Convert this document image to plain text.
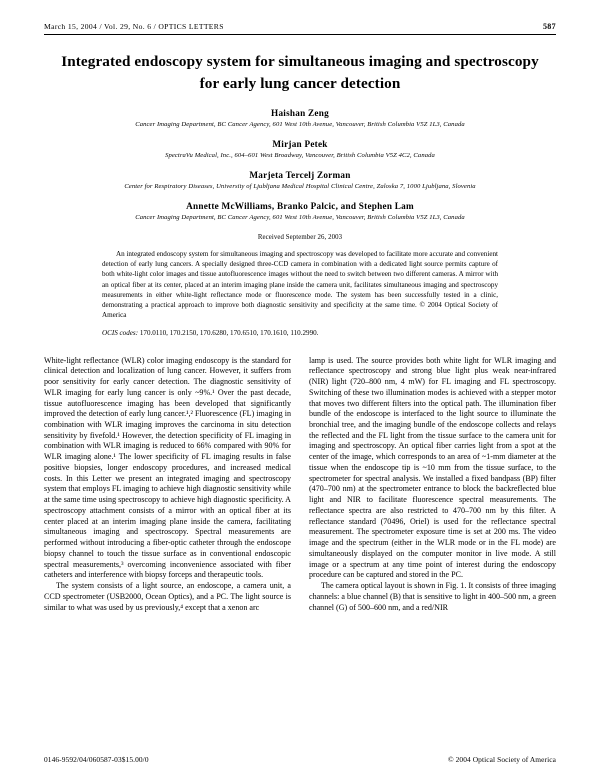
March 15, 2004 / Vol. 29, No. 6 / OPTICS LETTERS	587
Integrated endoscopy system for simultaneous imaging and spectroscopy for early lung cancer detection
Haishan Zeng
Cancer Imaging Department, BC Cancer Agency, 601 West 10th Avenue, Vancouver, British Columbia V5Z 1L3, Canada
Mirjan Petek
SpectraVu Medical, Inc., 604–601 West Broadway, Vancouver, British Columbia V5Z 4C2, Canada
Marjeta Tercelj Zorman
Center for Respiratory Diseases, University of Ljubljana Medical Hospital Clinical Centre, Zaloska 7, 1000 Ljubljana, Slovenia
Annette McWilliams, Branko Palcic, and Stephen Lam
Cancer Imaging Department, BC Cancer Agency, 601 West 10th Avenue, Vancouver, British Columbia V5Z 1L3, Canada
Received September 26, 2003
An integrated endoscopy system for simultaneous imaging and spectroscopy was developed to facilitate more accurate and convenient detection of early lung cancers. A specially designed three-CCD camera in combination with a dedicated light source permits capture of both white-light color images and tissue autofluorescence images without the need to switch between two different cameras. A mirror with an optical fiber at its center, placed at an interim imaging plane inside the camera unit, facilitates simultaneous imaging and spectroscopy measurements in either white-light reflectance mode or fluorescence mode. The system has been successfully tested in a clinic, demonstrating a practical approach to improve both diagnostic sensitivity and specificity at the same time. © 2004 Optical Society of America
OCIS codes: 170.0110, 170.2150, 170.6280, 170.6510, 170.1610, 110.2990.

White-light reflectance (WLR) color imaging endoscopy is the standard for clinical detection and localization of lung cancer. However, it suffers from poor sensitivity for early cancer detection. The diagnostic sensitivity of WLR imaging for early lung cancer is only ~9%.¹ Over the past decade, tissue autofluorescence imaging has been developed that significantly improved the detection of early lung cancer.¹,² Fluorescence (FL) imaging in combination with WLR imaging improves the carcinoma in situ detection sensitivity by fivefold.¹ However, the detection specificity of FL imaging in combination with WLR imaging is reduced to 66% compared with 90% for WLR imaging alone.¹ The lower specificity of FL imaging results in false positive biopsies, longer endoscopy procedures, and increased medical costs. In this Letter we present an integrated imaging and spectroscopy system that employs FL imaging to achieve high diagnostic sensitivity while at the same time using spectroscopy to achieve high diagnostic specificity. A spectroscopy attachment consists of a mirror with an optical fiber at its center placed at an interim imaging plane inside the camera, facilitating simultaneous imaging and spectroscopy. Spectral measurements are performed without introducing a fiber-optic catheter through the endoscope biopsy channel to touch the tissue surface as in conventional endoscopic spectral measurements,³ overcoming inconvenience associated with fiber catheters and interference with biopsy forceps and therapeutic tools.

The system consists of a light source, an endoscope, a camera unit, a CCD spectrometer (USB2000, Ocean Optics), and a PC. The light source is similar to what was used by us previously,⁴ except that a xenon arc

lamp is used. The source provides both white light for WLR imaging and reflectance spectroscopy and strong blue light plus weak near-infrared (NIR) light (720–800 nm, 4 mW) for FL imaging and FL spectroscopy. Switching of these two illumination modes is achieved with a stepper motor that moves two different filters into the optical path. The illumination fiber bundle of the endoscope is interfaced to the light source to illuminate the bronchial tree, and the imaging bundle of the endoscope collects and relays the reflected and the FL light from the tissue surface to the camera unit for imaging and spectroscopy. An optical fiber carries light from a spot at the center of the image, which corresponds to an area of ~1-mm diameter at the tissue when the endoscope tip is ~10 mm from the tissue surface, to the spectrometer for spectral analysis. We installed a fixed bandpass (BP) filter (470–700 nm) at the spectrometer entrance to block the backreflected blue light and NIR to facilitate fluorescence spectral measurements. The reflectance spectra are also restricted to 470–700 nm by this filter. A reflectance standard (70496, Oriel) is used for the reflectance spectral measurement. The spectrometer exposure time is set at 200 ms. The video image and the spectrum (either in the WLR mode or in the FL mode) are simultaneously displayed on the computer monitor in live mode. A still image or a spectrum at any time point of interest during the endoscopy procedure can be captured and stored in the PC.

The camera optical layout is shown in Fig. 1. It consists of three imaging channels: a blue channel (B) that is sensitive to light in 400–500 nm, a green channel (G) of 500–600 nm, and a red/NIR

0146-9592/04/060587-03$15.00/0	© 2004 Optical Society of America
